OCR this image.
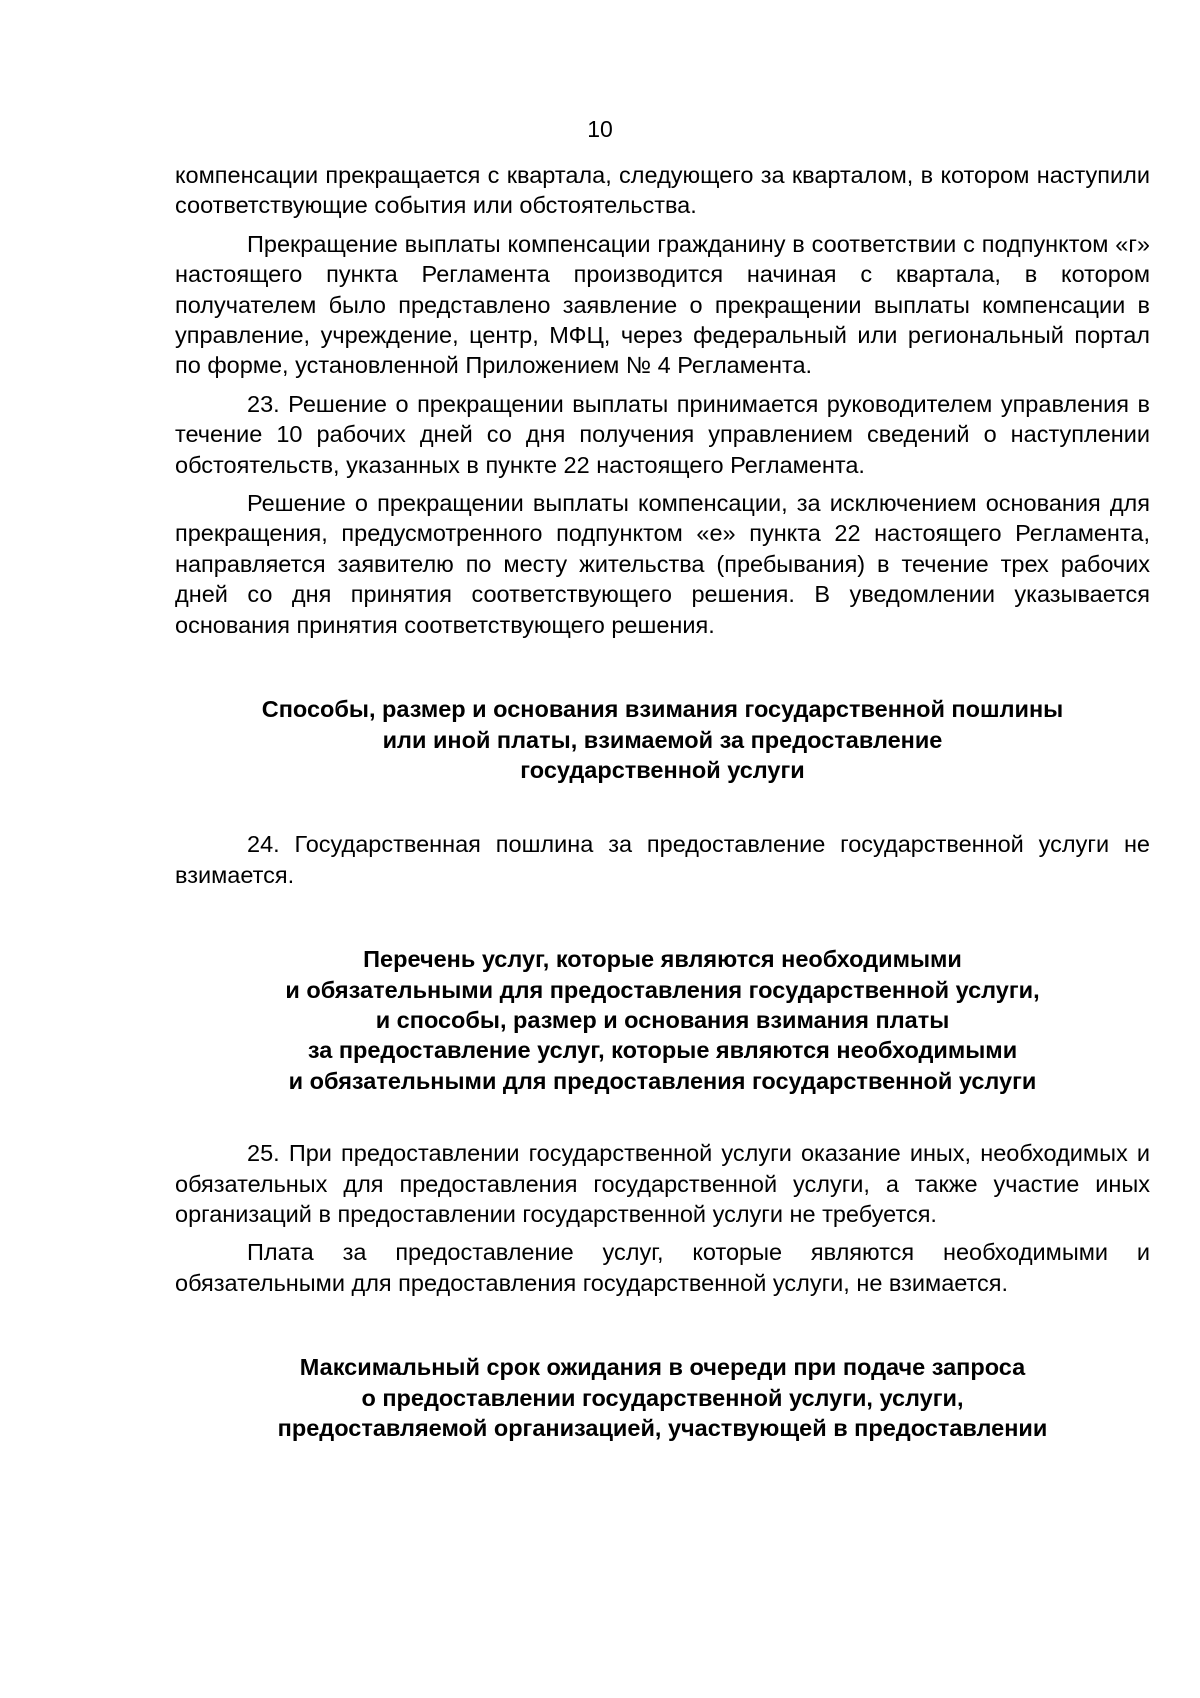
10

компенсации прекращается с квартала, следующего за кварталом, в котором наступили соответствующие события или обстоятельства.

Прекращение выплаты компенсации гражданину в соответствии с подпунктом «г» настоящего пункта Регламента производится начиная с квартала, в котором получателем было представлено заявление о прекращении выплаты компенсации в управление, учреждение, центр, МФЦ, через федеральный или региональный портал по форме, установленной Приложением № 4 Регламента.

23. Решение о прекращении выплаты принимается руководителем управления в течение 10 рабочих дней со дня получения управлением сведений о наступлении обстоятельств, указанных в пункте 22 настоящего Регламента.

Решение о прекращении выплаты компенсации, за исключением основания для прекращения, предусмотренного подпунктом «е» пункта 22 настоящего Регламента, направляется заявителю по месту жительства (пребывания) в течение трех рабочих дней со дня принятия соответствующего решения. В уведомлении указывается основания принятия соответствующего решения.

Способы, размер и основания взимания государственной пошлины
или иной платы, взимаемой за предоставление
государственной услуги

24. Государственная пошлина за предоставление государственной услуги не взимается.

Перечень услуг, которые являются необходимыми
и обязательными для предоставления государственной услуги,
и способы, размер и основания взимания платы
за предоставление услуг, которые являются необходимыми
и обязательными для предоставления государственной услуги

25. При предоставлении государственной услуги оказание иных, необходимых и обязательных для предоставления государственной услуги, а также участие иных организаций в предоставлении государственной услуги не требуется.

Плата за предоставление услуг, которые являются необходимыми и обязательными для предоставления государственной услуги, не взимается.

Максимальный срок ожидания в очереди при подаче запроса
о предоставлении государственной услуги, услуги,
предоставляемой организацией, участвующей в предоставлении
